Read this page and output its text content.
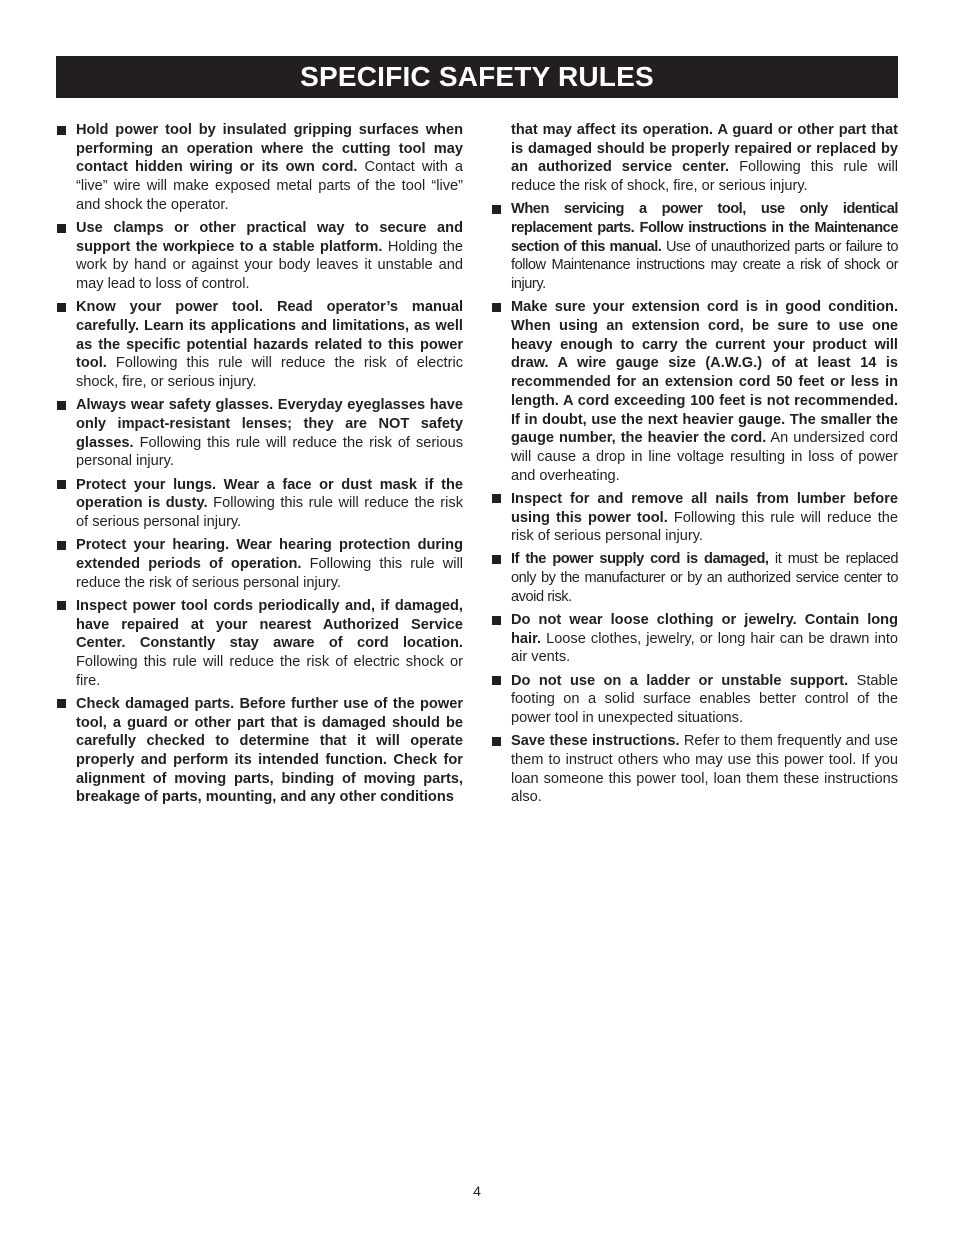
SPECIFIC SAFETY RULES
Hold power tool by insulated gripping surfaces when performing an operation where the cutting tool may contact hidden wiring or its own cord. Contact with a “live” wire will make exposed metal parts of the tool “live” and shock the operator.
Use clamps or other practical way to secure and support the workpiece to a stable platform. Holding the work by hand or against your body leaves it unstable and may lead to loss of control.
Know your power tool. Read operator’s manual carefully. Learn its applications and limitations, as well as the specific potential hazards related to this power tool. Following this rule will reduce the risk of electric shock, fire, or serious injury.
Always wear safety glasses. Everyday eyeglasses have only impact-resistant lenses; they are NOT safety glasses. Following this rule will reduce the risk of serious personal injury.
Protect your lungs. Wear a face or dust mask if the operation is dusty. Following this rule will reduce the risk of serious personal injury.
Protect your hearing. Wear hearing protection during extended periods of operation. Following this rule will reduce the risk of serious personal injury.
Inspect power tool cords periodically and, if damaged, have repaired at your nearest Authorized Service Center. Constantly stay aware of cord location. Following this rule will reduce the risk of electric shock or fire.
Check damaged parts. Before further use of the power tool, a guard or other part that is damaged should be carefully checked to determine that it will operate properly and perform its intended function. Check for alignment of moving parts, binding of moving parts, breakage of parts, mounting, and any other conditions
that may affect its operation. A guard or other part that is damaged should be properly repaired or replaced by an authorized service center. Following this rule will reduce the risk of shock, fire, or serious injury.
When servicing a power tool, use only identical replacement parts. Follow instructions in the Maintenance section of this manual. Use of unauthorized parts or failure to follow Maintenance instructions may create a risk of shock or injury.
Make sure your extension cord is in good condition. When using an extension cord, be sure to use one heavy enough to carry the current your product will draw. A wire gauge size (A.W.G.) of at least 14 is recommended for an extension cord 50 feet or less in length. A cord exceeding 100 feet is not recommended. If in doubt, use the next heavier gauge. The smaller the gauge number, the heavier the cord. An undersized cord will cause a drop in line voltage resulting in loss of power and overheating.
Inspect for and remove all nails from lumber before using this power tool. Following this rule will reduce the risk of serious personal injury.
If the power supply cord is damaged, it must be replaced only by the manufacturer or by an authorized service center to avoid risk.
Do not wear loose clothing or jewelry. Contain long hair. Loose clothes, jewelry, or long hair can be drawn into air vents.
Do not use on a ladder or unstable support. Stable footing on a solid surface enables better control of the power tool in unexpected situations.
Save these instructions. Refer to them frequently and use them to instruct others who may use this power tool. If you loan someone this power tool, loan them these instructions also.
4
